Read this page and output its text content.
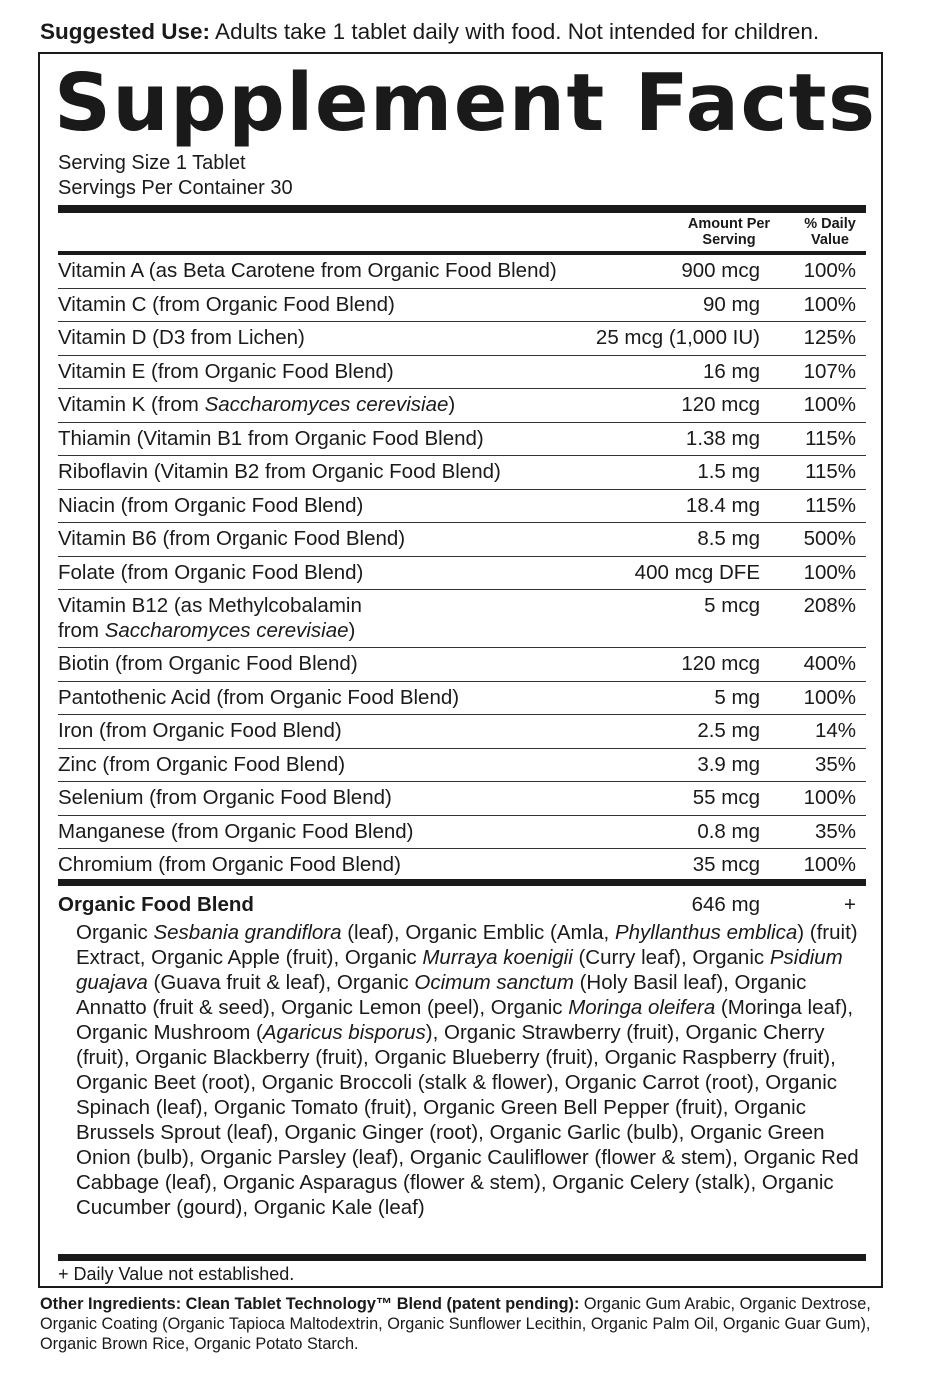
Suggested Use: Adults take 1 tablet daily with food. Not intended for children.
Supplement Facts
Serving Size 1 Tablet
Servings Per Container 30
Amount Per Serving
% Daily Value
Vitamin A (as Beta Carotene from Organic Food Blend)	900 mcg 100%
Vitamin C (from Organic Food Blend)	90 mg 100%
Vitamin D (D3 from Lichen)	25 mcg (1,000 IU) 125%
Vitamin E (from Organic Food Blend)	16 mg 107%
Vitamin K (from Saccharomyces cerevisiae)	120 mcg 100%
Thiamin (Vitamin B1 from Organic Food Blend)	1.38 mg 115%
Riboflavin (Vitamin B2 from Organic Food Blend)	1.5 mg 115%
Niacin (from Organic Food Blend)	18.4 mg 115%
Vitamin B6 (from Organic Food Blend)	8.5 mg 500%
Folate (from Organic Food Blend)	400 mcg DFE 100%
Vitamin B12 (as Methylcobalamin
from Saccharomyces cerevisiae)
5 mcg 208%
Biotin (from Organic Food Blend)	120 mcg 400%
Pantothenic Acid (from Organic Food Blend)	5 mg 100%
Iron (from Organic Food Blend)	2.5 mg	14%
Zinc (from Organic Food Blend)	3.9 mg	35%
Selenium (from Organic Food Blend)	55 mcg 100%
Manganese (from Organic Food Blend)	0.8 mg	35%
Chromium (from Organic Food Blend)	35 mcg 100%
Organic Food Blend	646 mg	+
Organic Sesbania grandiflora (leaf), Organic Emblic (Amla, Phyllanthus emblica) (fruit) Extract, Organic Apple (fruit), Organic Murraya koenigii (Curry leaf), Organic Psidium guajava (Guava fruit & leaf), Organic Ocimum sanctum (Holy Basil leaf), Organic Annatto (fruit & seed), Organic Lemon (peel), Organic Moringa oleifera (Moringa leaf), Organic Mushroom (Agaricus bisporus), Organic Strawberry (fruit), Organic Cherry (fruit), Organic Blackberry (fruit), Organic Blueberry (fruit), Organic Raspberry (fruit), Organic Beet (root), Organic Broccoli (stalk & flower), Organic Carrot (root), Organic Spinach (leaf), Organic Tomato (fruit), Organic Green Bell Pepper (fruit), Organic Brussels Sprout (leaf), Organic Ginger (root), Organic Garlic (bulb), Organic Green Onion (bulb), Organic Parsley (leaf), Organic Cauliflower (flower & stem), Organic Red Cabbage (leaf), Organic Asparagus (flower & stem), Organic Celery (stalk), Organic Cucumber (gourd), Organic Kale (leaf)
+ Daily Value not established.
Other Ingredients: Clean Tablet Technology™ Blend (patent pending): Organic Gum Arabic, Organic Dextrose, Organic Coating (Organic Tapioca Maltodextrin, Organic Sunflower Lecithin, Organic Palm Oil, Organic Guar Gum), Organic Brown Rice, Organic Potato Starch.
